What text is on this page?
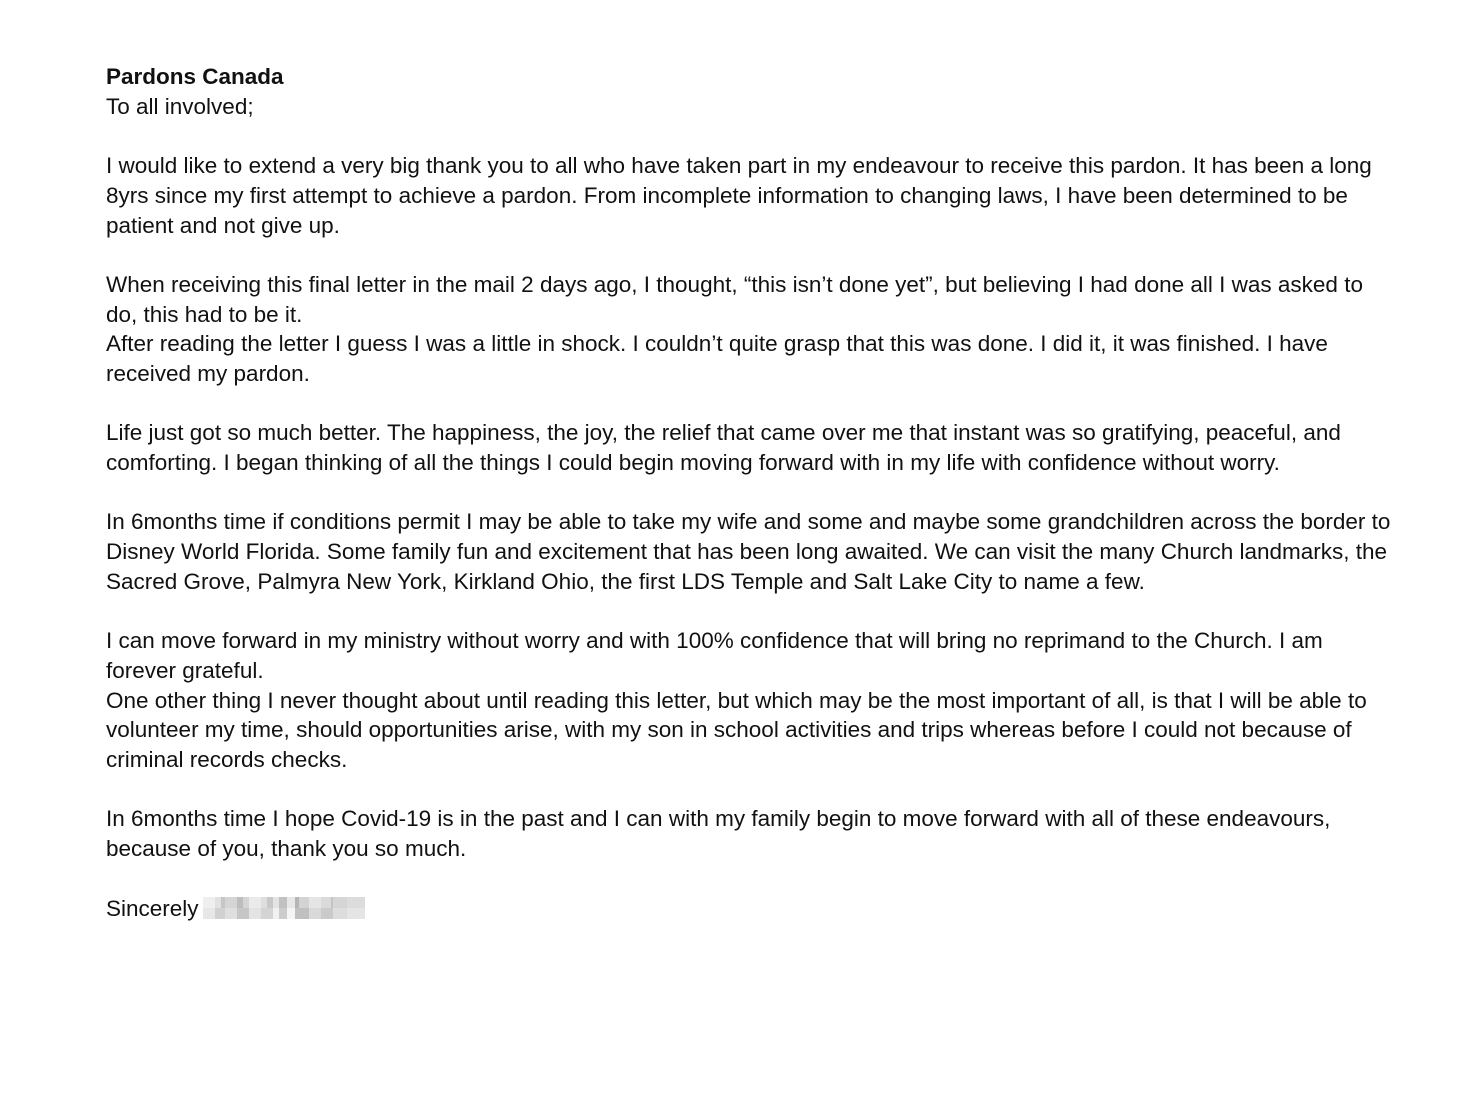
Pardons Canada
To all involved;

I would like to extend a very big thank you to all who have taken part in my endeavour to receive this pardon. It has been a long 8yrs since my first attempt to achieve a pardon. From incomplete information to changing laws, I have been determined to be patient and not give up.

When receiving this final letter in the mail 2 days ago, I thought, “this isn’t done yet”, but believing I had done all I was asked to do, this had to be it.

After reading the letter I guess I was a little in shock. I couldn’t quite grasp that this was done. I did it, it was finished. I have received my pardon.

Life just got so much better. The happiness, the joy, the relief that came over me that instant was so gratifying, peaceful, and comforting. I began thinking of all the things I could begin moving forward with in my life with confidence without worry.

In 6months time if conditions permit I may be able to take my wife and some and maybe some grandchildren across the border to Disney World Florida. Some family fun and excitement that has been long awaited. We can visit the many Church landmarks, the Sacred Grove, Palmyra New York, Kirkland Ohio, the first LDS Temple and Salt Lake City to name a few.

I can move forward in my ministry without worry and with 100% confidence that will bring no reprimand to the Church. I am forever grateful.

One other thing I never thought about until reading this letter, but which may be the most important of all, is that I will be able to volunteer my time, should opportunities arise, with my son in school activities and trips whereas before I could not because of criminal records checks.

In 6months time I hope Covid-19 is in the past and I can with my family begin to move forward with all of these endeavours, because of you, thank you so much.

Sincerely
